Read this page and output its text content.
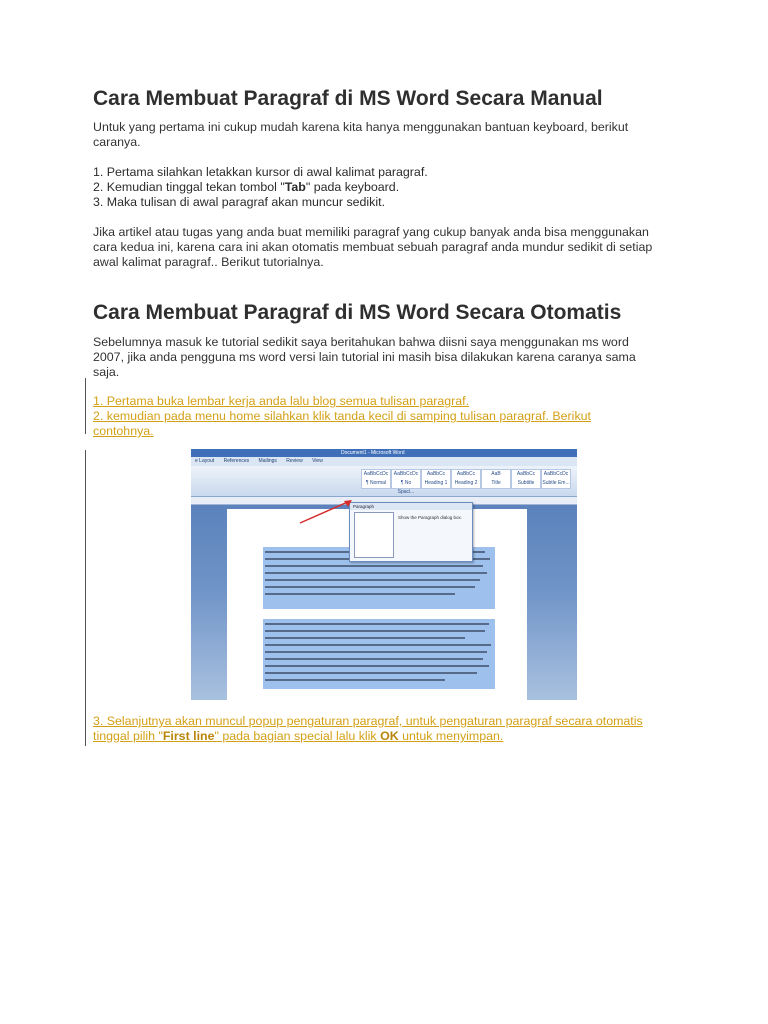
Cara Membuat Paragraf di MS Word Secara Manual

Untuk yang pertama ini cukup mudah karena kita hanya menggunakan bantuan keyboard, berikut caranya.

1. Pertama silahkan letakkan kursor di awal kalimat paragraf.
2. Kemudian tinggal tekan tombol "Tab" pada keyboard.
3. Maka tulisan di awal paragraf akan muncur sedikit.

Jika artikel atau tugas yang anda buat memiliki paragraf yang cukup banyak anda bisa menggunakan cara kedua ini, karena cara ini akan otomatis membuat sebuah paragraf anda mundur sedikit di setiap awal kalimat paragraf.. Berikut tutorialnya.

Cara Membuat Paragraf di MS Word Secara Otomatis

Sebelumnya masuk ke tutorial sedikit saya beritahukan bahwa diisni saya menggunakan ms word 2007, jika anda pengguna ms word versi lain tutorial ini masih bisa dilakukan karena caranya sama saja.

1. Pertama buka lembar kerja anda lalu blog semua tulisan paragraf.
2. kemudian pada menu home silahkan klik tanda kecil di samping tulisan paragraf. Berikut contohnya.
Document1 - Microsoft Word
e Layout References Mailings Review View
AaBbCcDc
¶ Normal
AaBbCcDc
¶ No Spaci...
AaBbCc
Heading 1
AaBbCc
Heading 2
AaB
Title
AaBbCc
Subtitle
AaBbCcDc
Subtle Em...
Paragraph
Show the Paragraph dialog box.
3. Selanjutnya akan muncul popup pengaturan paragraf, untuk pengaturan paragraf secara otomatis tinggal pilih "First line" pada bagian special lalu klik OK untuk menyimpan.
